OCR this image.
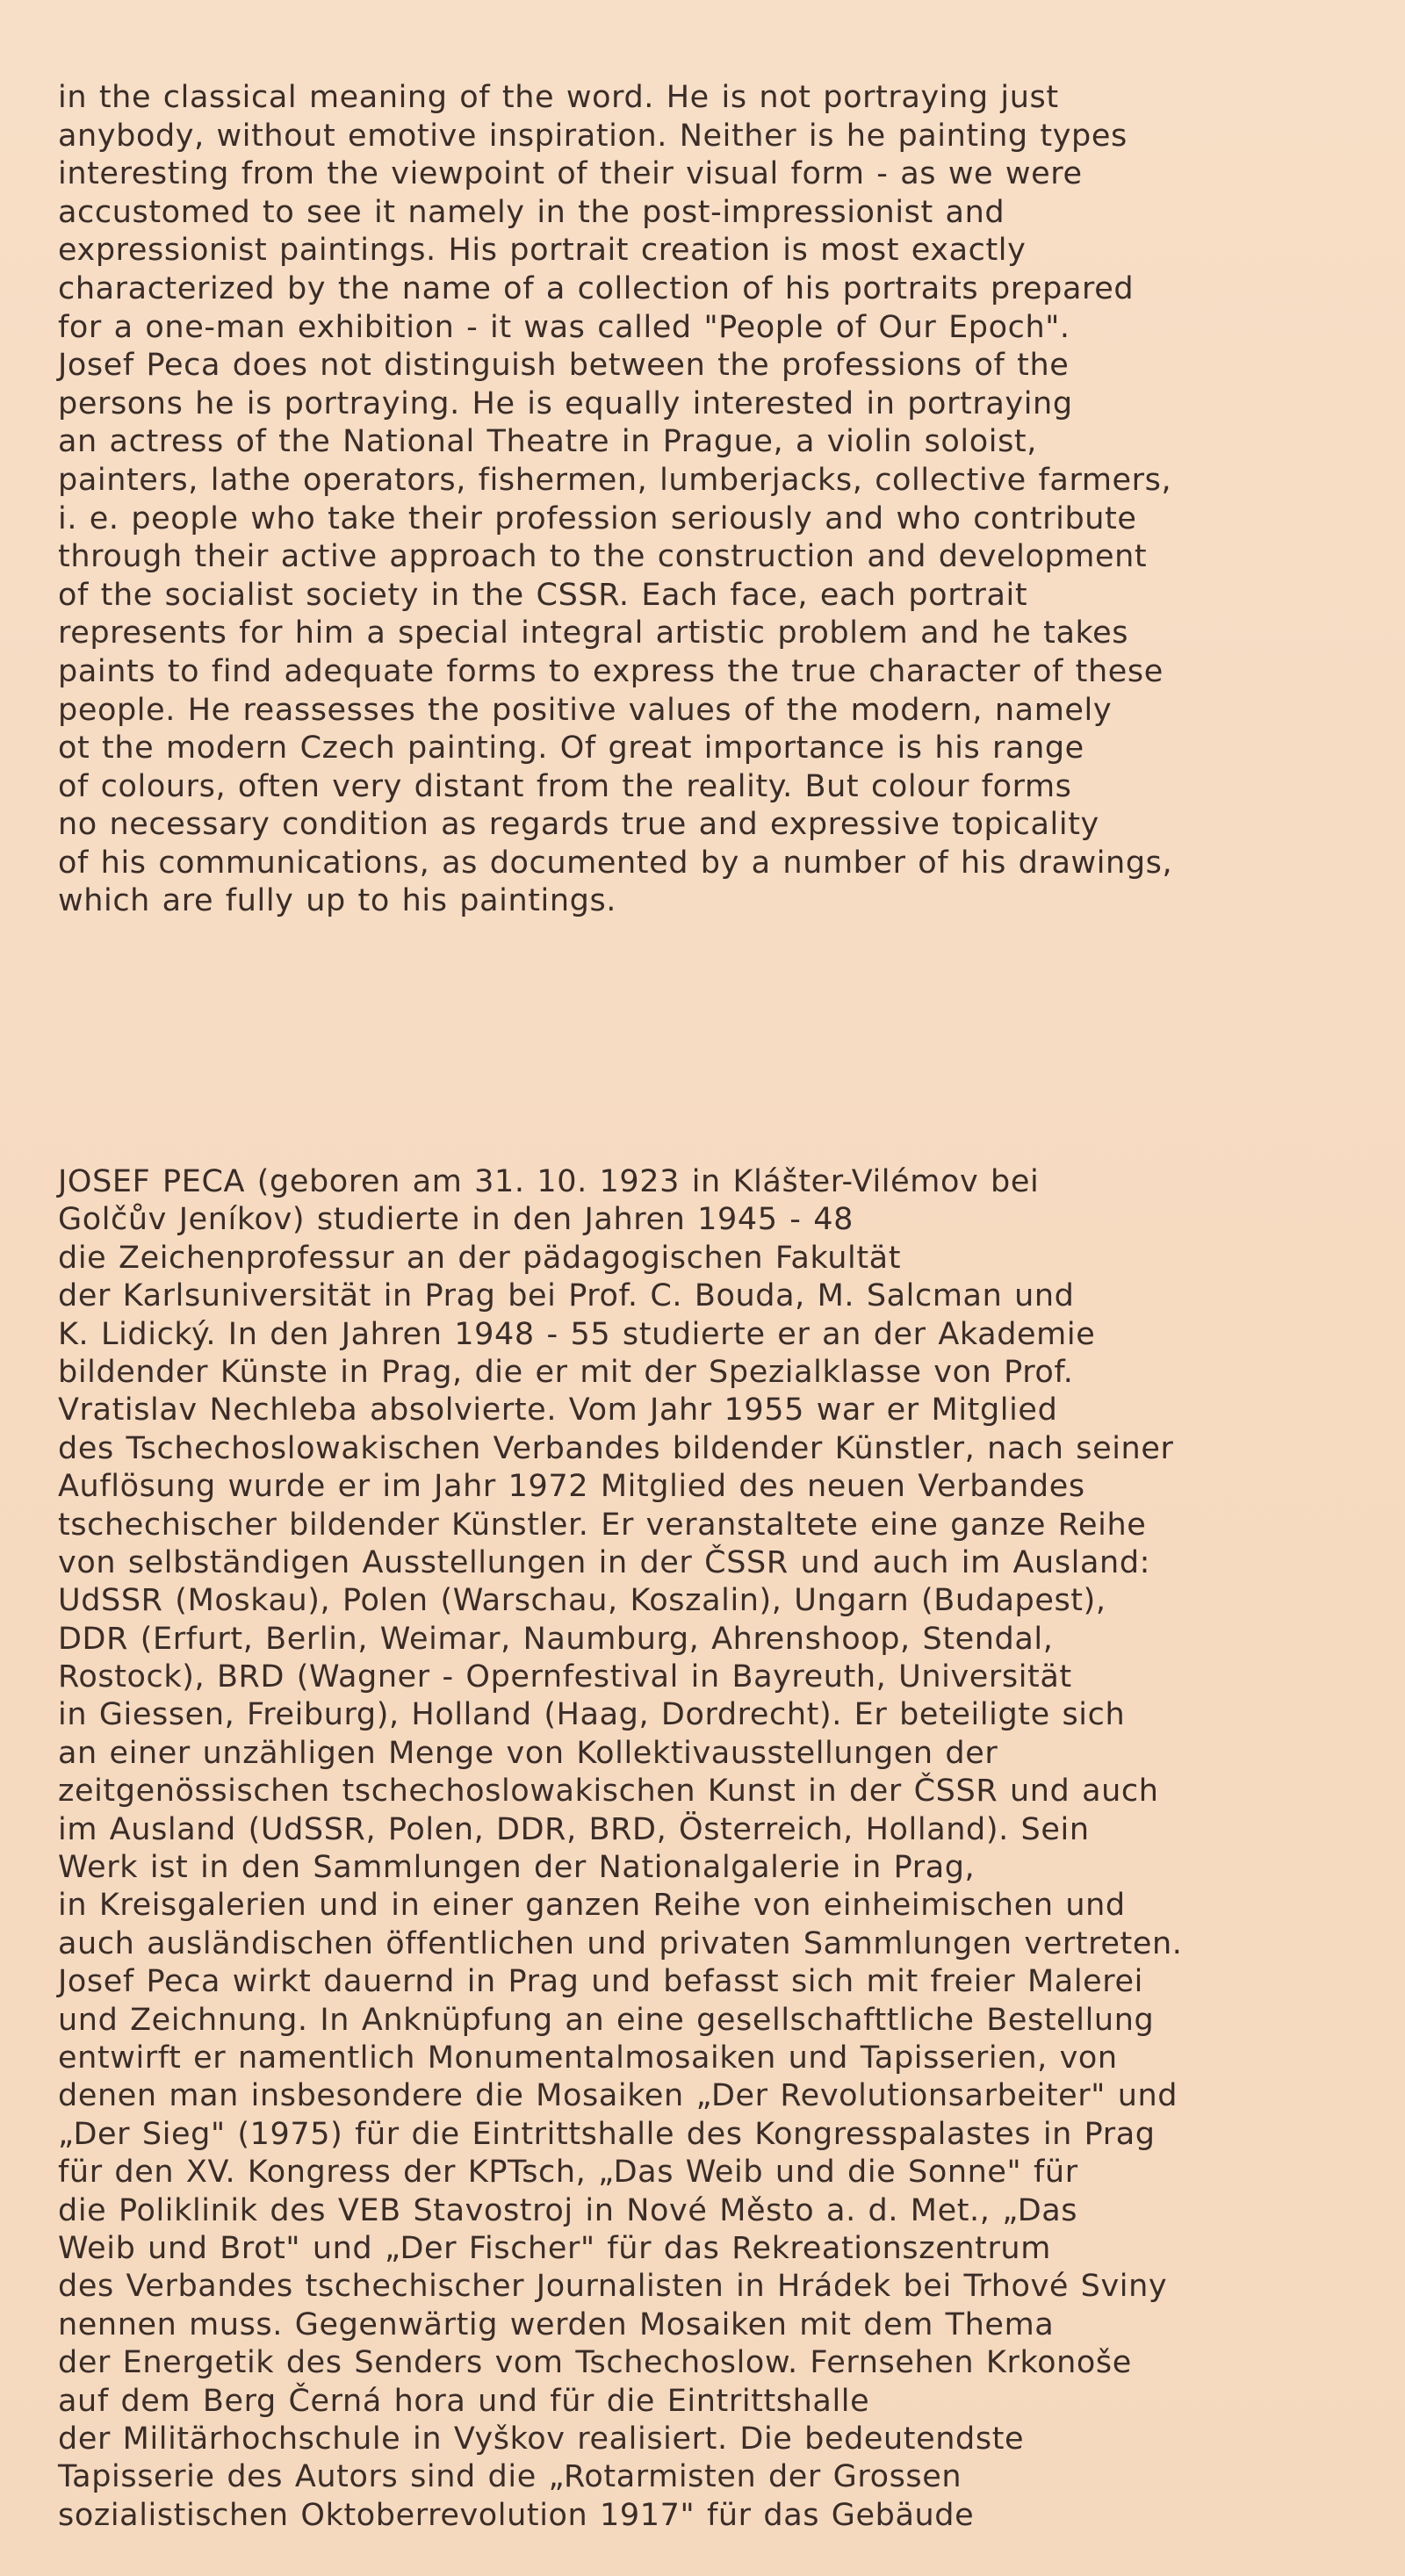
in the classical meaning of the word. He is not portraying just
anybody, without emotive inspiration. Neither is he painting types
interesting from the viewpoint of their visual form - as we were
accustomed to see it namely in the post-impressionist and
expressionist paintings. His portrait creation is most exactly
characterized by the name of a collection of his portraits prepared
for a one-man exhibition - it was called "People of Our Epoch".
Josef Peca does not distinguish between the professions of the
persons he is portraying. He is equally interested in portraying
an actress of the National Theatre in Prague, a violin soloist,
painters, lathe operators, fishermen, lumberjacks, collective farmers,
i. e. people who take their profession seriously and who contribute
through their active approach to the construction and development
of the socialist society in the CSSR. Each face, each portrait
represents for him a special integral artistic problem and he takes
paints to find adequate forms to express the true character of these
people. He reassesses the positive values of the modern, namely
ot the modern Czech painting. Of great importance is his range
of colours, often very distant from the reality. But colour forms
no necessary condition as regards true and expressive topicality
of his communications, as documented by a number of his drawings,
which are fully up to his paintings.
JOSEF PECA (geboren am 31. 10. 1923 in Klášter-Vilémov bei
Golčův Jeníkov) studierte in den Jahren 1945 - 48
die Zeichenprofessur an der pädagogischen Fakultät
der Karlsuniversität in Prag bei Prof. C. Bouda, M. Salcman und
K. Lidický. In den Jahren 1948 - 55 studierte er an der Akademie
bildender Künste in Prag, die er mit der Spezialklasse von Prof.
Vratislav Nechleba absolvierte. Vom Jahr 1955 war er Mitglied
des Tschechoslowakischen Verbandes bildender Künstler, nach seiner
Auflösung wurde er im Jahr 1972 Mitglied des neuen Verbandes
tschechischer bildender Künstler. Er veranstaltete eine ganze Reihe
von selbständigen Ausstellungen in der ČSSR und auch im Ausland:
UdSSR (Moskau), Polen (Warschau, Koszalin), Ungarn (Budapest),
DDR (Erfurt, Berlin, Weimar, Naumburg, Ahrenshoop, Stendal,
Rostock), BRD (Wagner - Opernfestival in Bayreuth, Universität
in Giessen, Freiburg), Holland (Haag, Dordrecht). Er beteiligte sich
an einer unzähligen Menge von Kollektivausstellungen der
zeitgenössischen tschechoslowakischen Kunst in der ČSSR und auch
im Ausland (UdSSR, Polen, DDR, BRD, Österreich, Holland). Sein
Werk ist in den Sammlungen der Nationalgalerie in Prag,
in Kreisgalerien und in einer ganzen Reihe von einheimischen und
auch ausländischen öffentlichen und privaten Sammlungen vertreten.
Josef Peca wirkt dauernd in Prag und befasst sich mit freier Malerei
und Zeichnung. In Anknüpfung an eine gesellschafttliche Bestellung
entwirft er namentlich Monumentalmosaiken und Tapisserien, von
denen man insbesondere die Mosaiken „Der Revolutionsarbeiter" und
„Der Sieg" (1975) für die Eintrittshalle des Kongresspalastes in Prag
für den XV. Kongress der KPTsch, „Das Weib und die Sonne" für
die Poliklinik des VEB Stavostroj in Nové Město a. d. Met., „Das
Weib und Brot" und „Der Fischer" für das Rekreationszentrum
des Verbandes tschechischer Journalisten in Hrádek bei Trhové Sviny
nennen muss. Gegenwärtig werden Mosaiken mit dem Thema
der Energetik des Senders vom Tschechoslow. Fernsehen Krkonoše
auf dem Berg Černá hora und für die Eintrittshalle
der Militärhochschule in Vyškov realisiert. Die bedeutendste
Tapisserie des Autors sind die „Rotarmisten der Grossen
sozialistischen Oktoberrevolution 1917" für das Gebäude
